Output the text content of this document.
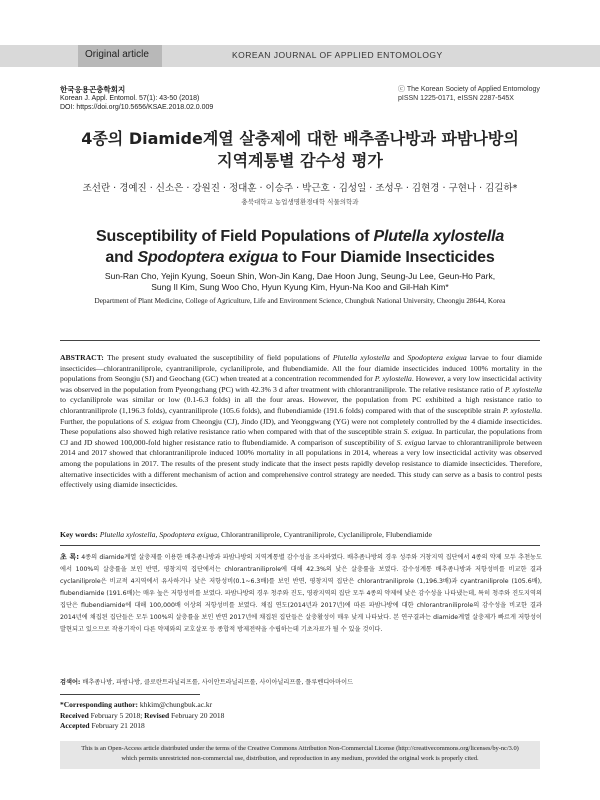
Original article	KOREAN JOURNAL OF APPLIED ENTOMOLOGY
한국응용곤충학회지
Korean J. Appl. Entomol. 57(1): 43-50 (2018)
DOI: https://doi.org/10.5656/KSAE.2018.02.0.009
ⓒ The Korean Society of Applied Entomology
pISSN 1225-0171, eISSN 2287-545X
4종의 Diamide계열 살충제에 대한 배추좀나방과 파밤나방의
지역계통별 감수성 평가
조선란 · 경예진 · 신소은 · 강원진 · 정대훈 · 이승주 · 박근호 · 김성일 · 조성우 · 김현경 · 구현나 · 김길하*
충북대학교 농업생명환경대학 식물의학과
Susceptibility of Field Populations of Plutella xylostella
and Spodoptera exigua to Four Diamide Insecticides
Sun-Ran Cho, Yejin Kyung, Soeun Shin, Won-Jin Kang, Dae Hoon Jung, Seung-Ju Lee, Geun-Ho Park,
Sung Il Kim, Sung Woo Cho, Hyun Kyung Kim, Hyun-Na Koo and Gil-Hah Kim*
Department of Plant Medicine, College of Agriculture, Life and Environment Science, Chungbuk National University, Cheongju 28644, Korea
ABSTRACT: The present study evaluated the susceptibility of field populations of Plutella xylostella and Spodoptera exigua larvae to four diamide insecticides—chlorantraniliprole, cyantraniliprole, cyclaniliprole, and flubendiamide. All the four diamide insecticides induced 100% mortality in the populations from Seongju (SJ) and Geochang (GC) when treated at a concentration recommended for P. xylostella. However, a very low insecticidal activity was observed in the population from Pyeongchang (PC) with 42.3% 3 d after treatment with chlorantraniliprole. The relative resistance ratio of P. xylostella to cyclaniliprole was similar or low (0.1-6.3 folds) in all the four areas. However, the population from PC exhibited a high resistance ratio to chlorantraniliprole (1,196.3 folds), cyantraniliprole (105.6 folds), and flubendiamide (191.6 folds) compared with that of the susceptible strain P. xylostella. Further, the populations of S. exigua from Cheongju (CJ), Jindo (JD), and Yeonggwang (YG) were not completely controlled by the 4 diamide insecticides. These populations also showed high relative resistance ratio when compared with that of the susceptible strain S. exigua. In particular, the populations from CJ and JD showed 100,000-fold higher resistance ratio to flubendiamide. A comparison of susceptibility of S. exigua larvae to chlorantraniliprole between 2014 and 2017 showed that chlorantraniliprole induced 100% mortality in all populations in 2014, whereas a very low insecticidal activity was observed among the populations in 2017. The results of the present study indicate that the insect pests rapidly develop resistance to diamide insecticides. Therefore, alternative insecticides with a different mechanism of action and comprehensive control strategy are needed. This study can serve as a basis to control pests effectively using diamide insecticides.
Key words: Plutella xylostella, Spodoptera exigua, Chlorantraniliprole, Cyantraniliprole, Cyclaniliprole, Flubendiamide
초 록: 4종의 diamide계열 살충제를 이용한 배추좀나방과 파밤나방의 지역계통별 감수성을 조사하였다. 배추좀나방의 경우 성주와 거창지역 집단에서 4종의 약제 모두 추천농도에서 100%의 살충률을 보인 반면, 평창지역 집단에서는 chlorantraniliprole에 대해 42.3%의 낮은 살충률을 보였다. 감수성계통 배추좀나방과 저항성비를 비교한 결과 cyclaniliprole은 비교적 4지역에서 유사하거나 낮은 저항성비(0.1~6.3배)를 보인 반면, 평창지역 집단은 chlorantraniliprole (1,196.3배)과 cyantraniliprole (105.6배), flubendiamide (191.6배)는 매우 높은 저항성비를 보였다. 파밤나방의 경우 청주와 진도, 영광지역의 집단 모두 4종의 약제에 낮은 감수성을 나타냈는데, 특히 청주와 진도지역의 집단은 flubendiamide에 대해 100,000배 이상의 저항성비를 보였다. 채집 연도(2014년과 2017년)에 따른 파밤나방에 대한 chlorantraniliprole의 감수성을 비교한 결과 2014년에 채집된 집단들은 모두 100%의 살충률을 보인 반면 2017년에 채집된 집단들은 살충활성이 매우 낮게 나타났다. 본 연구결과는 diamide계열 살충제가 빠르게 저항성이 발현되고 있으므로 작용기작이 다른 약제와의 교호살포 등 종합적 방제전략을 수립하는데 기초자료가 될 수 있을 것이다.
검색어: 배추좀나방, 파밤나방, 클로란트라닐리프롤, 사이안트라닐리프롤, 사이아닐리프롤, 플루벤디아마이드
*Corresponding author: khkim@chungbuk.ac.kr
Received February 5 2018; Revised February 20 2018
Accepted February 21 2018
This is an Open-Access article distributed under the terms of the Creative Commons Attribution Non-Commercial License (http://creativecommons.org/licenses/by-nc/3.0)
which permits unrestricted non-commercial use, distribution, and reproduction in any medium, provided the original work is properly cited.
